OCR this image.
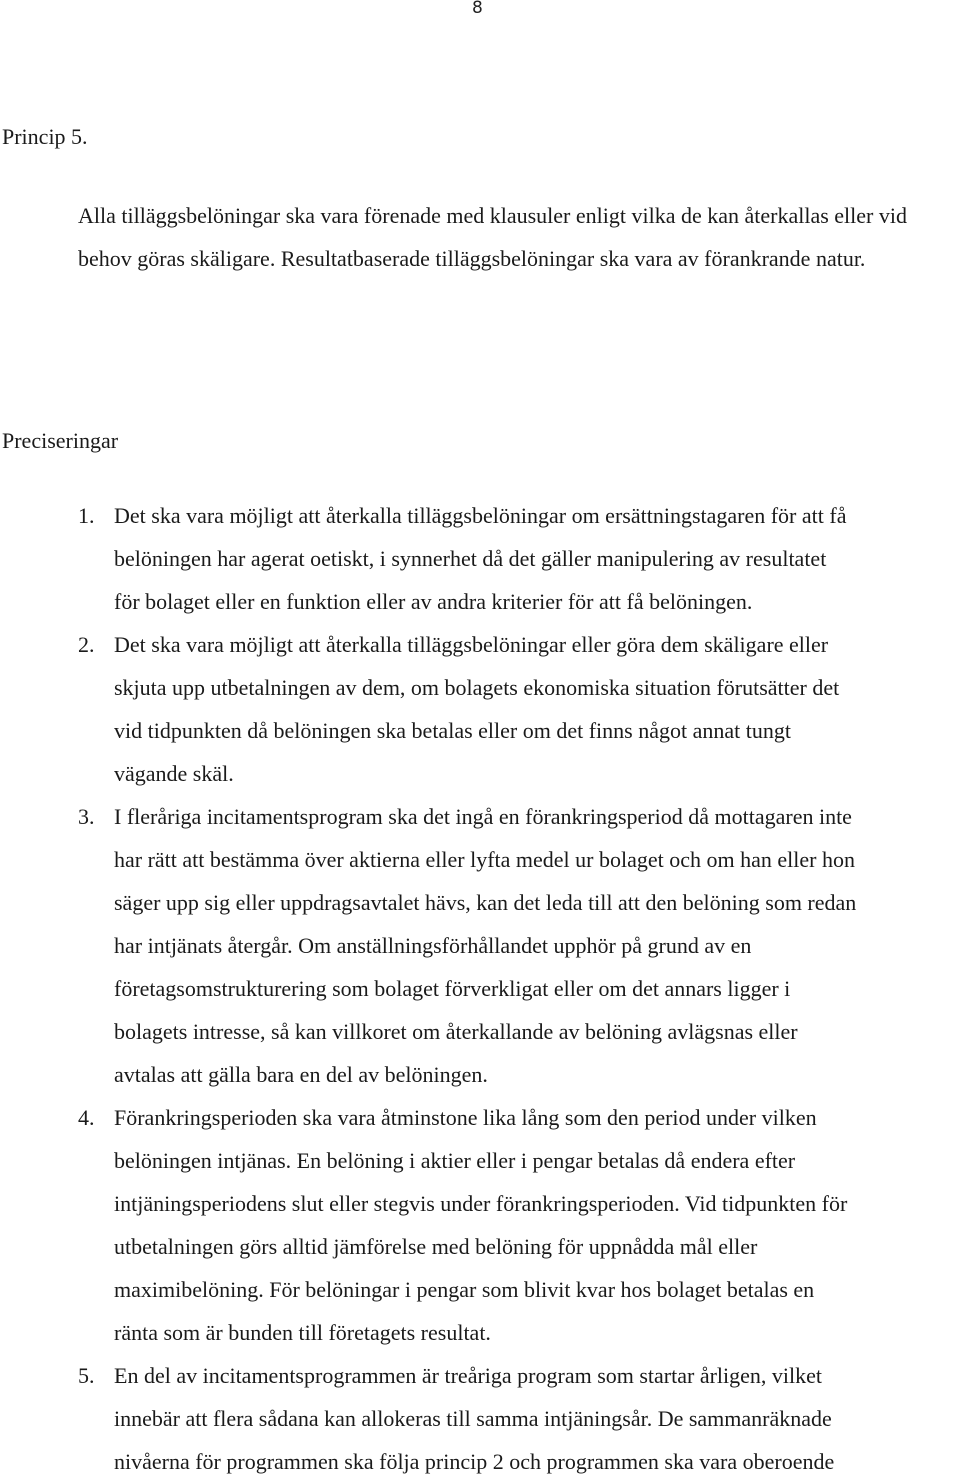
8
Princip 5.

Alla tilläggsbelöningar ska vara förenade med klausuler enligt vilka de kan återkallas eller vid behov göras skäligare. Resultatbaserade tilläggsbelöningar ska vara av förankrande natur.

Preciseringar
1. Det ska vara möjligt att återkalla tilläggsbelöningar om ersättningstagaren för att få
belöningen har agerat oetiskt, i synnerhet då det gäller manipulering av resultatet
för bolaget eller en funktion eller av andra kriterier för att få belöningen.
2. Det ska vara möjligt att återkalla tilläggsbelöningar eller göra dem skäligare eller
skjuta upp utbetalningen av dem, om bolagets ekonomiska situation förutsätter det
vid tidpunkten då belöningen ska betalas eller om det finns något annat tungt
vägande skäl.
3. I fleråriga incitamentsprogram ska det ingå en förankringsperiod då mottagaren inte
har rätt att bestämma över aktierna eller lyfta medel ur bolaget och om han eller hon
säger upp sig eller uppdragsavtalet hävs, kan det leda till att den belöning som redan
har intjänats återgår. Om anställningsförhållandet upphör på grund av en
företagsomstrukturering som bolaget förverkligat eller om det annars ligger i
bolagets intresse, så kan villkoret om återkallande av belöning avlägsnas eller
avtalas att gälla bara en del av belöningen.
4. Förankringsperioden ska vara åtminstone lika lång som den period under vilken
belöningen intjänas. En belöning i aktier eller i pengar betalas då endera efter
intjäningsperiodens slut eller stegvis under förankringsperioden. Vid tidpunkten för
utbetalningen görs alltid jämförelse med belöning för uppnådda mål eller
maximibelöning. För belöningar i pengar som blivit kvar hos bolaget betalas en
ränta som är bunden till företagets resultat.
5. En del av incitamentsprogrammen är treåriga program som startar årligen, vilket
innebär att flera sådana kan allokeras till samma intjäningsår. De sammanräknade
nivåerna för programmen ska följa princip 2 och programmen ska vara oberoende
